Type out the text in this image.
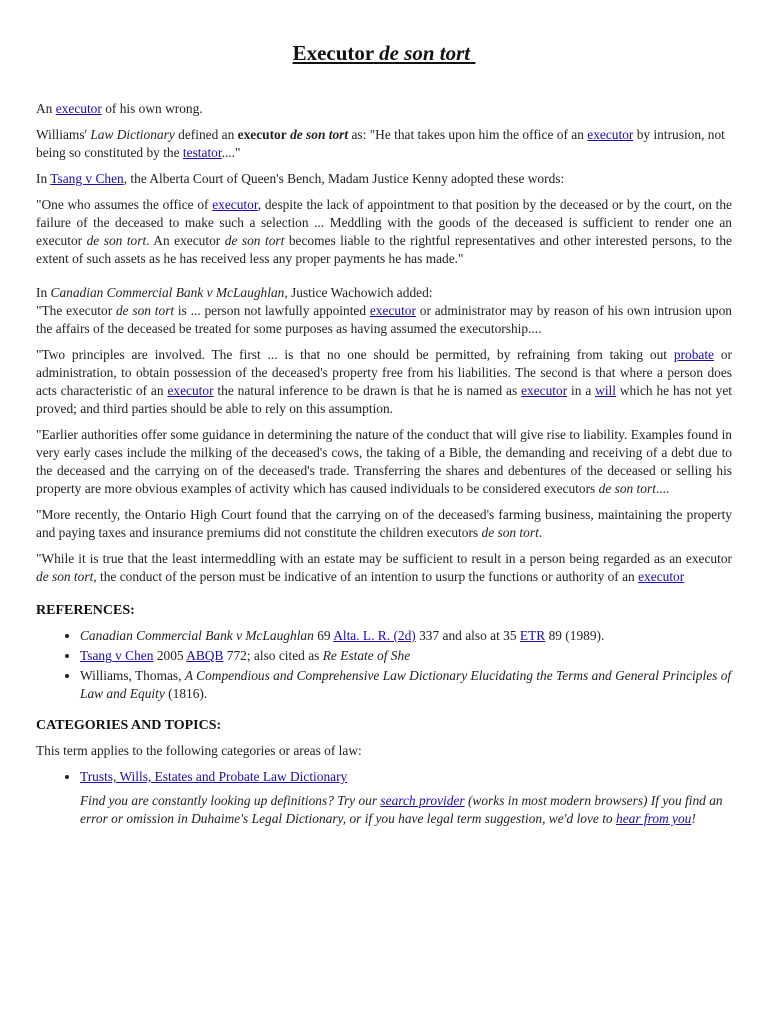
Executor de son tort

An executor of his own wrong.

Williams' Law Dictionary defined an executor de son tort as: "He that takes upon him the office of an executor by intrusion, not being so constituted by the testator...."

In Tsang v Chen, the Alberta Court of Queen's Bench, Madam Justice Kenny adopted these words:

"One who assumes the office of executor, despite the lack of appointment to that position by the deceased or by the court, on the failure of the deceased to make such a selection ... Meddling with the goods of the deceased is sufficient to render one an executor de son tort. An executor de son tort becomes liable to the rightful representatives and other interested persons, to the extent of such assets as he has received less any proper payments he has made."

In Canadian Commercial Bank v McLaughlan, Justice Wachowich added:
"The executor de son tort is ... person not lawfully appointed executor or administrator may by reason of his own intrusion upon the affairs of the deceased be treated for some purposes as having assumed the executorship....

"Two principles are involved. The first ... is that no one should be permitted, by refraining from taking out probate or administration, to obtain possession of the deceased's property free from his liabilities. The second is that where a person does acts characteristic of an executor the natural inference to be drawn is that he is named as executor in a will which he has not yet proved; and third parties should be able to rely on this assumption.

"Earlier authorities offer some guidance in determining the nature of the conduct that will give rise to liability. Examples found in very early cases include the milking of the deceased's cows, the taking of a Bible, the demanding and receiving of a debt due to the deceased and the carrying on of the deceased's trade. Transferring the shares and debentures of the deceased or selling his property are more obvious examples of activity which has caused individuals to be considered executors de son tort....

"More recently, the Ontario High Court found that the carrying on of the deceased's farming business, maintaining the property and paying taxes and insurance premiums did not constitute the children executors de son tort.

"While it is true that the least intermeddling with an estate may be sufficient to result in a person being regarded as an executor de son tort, the conduct of the person must be indicative of an intention to usurp the functions or authority of an executor

REFERENCES:
• Canadian Commercial Bank v McLaughlan 69 Alta. L. R. (2d) 337 and also at 35 ETR 89 (1989).
• Tsang v Chen 2005 ABQB 772; also cited as Re Estate of She
• Williams, Thomas, A Compendious and Comprehensive Law Dictionary Elucidating the Terms and General Principles of Law and Equity (1816).
CATEGORIES AND TOPICS:

This term applies to the following categories or areas of law:

• Trusts, Wills, Estates and Probate Law Dictionary

Find you are constantly looking up definitions? Try our search provider (works in most modern browsers) If you find an error or omission in Duhaime's Legal Dictionary, or if you have legal term suggestion, we'd love to hear from you!
